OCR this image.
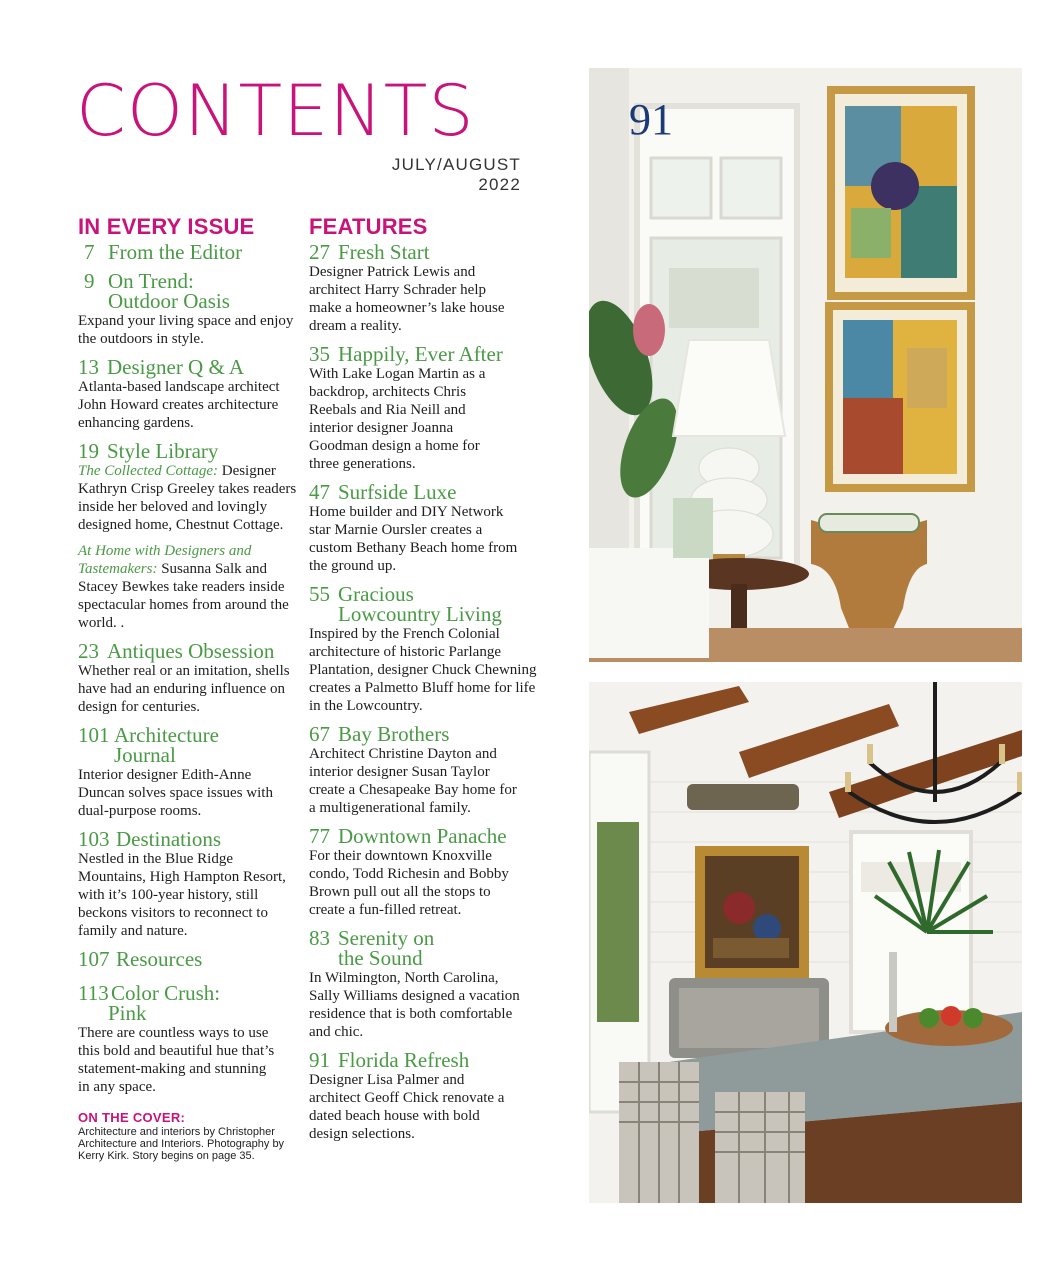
CONTENTS
JULY/AUGUST 2022
IN EVERY ISSUE

7 From the Editor

9 On Trend:
Outdoor Oasis

Expand your living space and enjoy the outdoors in style.

13 Designer Q & A

Atlanta-based landscape architect John Howard creates architecture enhancing gardens.

19 Style Library

The Collected Cottage: Designer Kathryn Crisp Greeley takes readers inside her beloved and lovingly designed home, Chestnut Cottage.

At Home with Designers and Tastemakers: Susanna Salk and Stacey Bewkes take readers inside spectacular homes from around the world. .

23 Antiques Obsession

Whether real or an imitation, shells have had an enduring influence on design for centuries.

101 Architecture
Journal

Interior designer Edith-Anne Duncan solves space issues with dual-purpose rooms.

103 Destinations

Nestled in the Blue Ridge Mountains, High Hampton Resort, with it’s 100-year history, still beckons visitors to reconnect to family and nature.

107 Resources

113 Color Crush:
Pink

There are countless ways to use this bold and beautiful hue that’s statement-making and stunning in any space.

ON THE COVER:

Architecture and interiors by Christopher Architecture and Interiors. Photography by Kerry Kirk. Story begins on page 35.

FEATURES

27 Fresh Start

Designer Patrick Lewis and architect Harry Schrader help make a homeowner’s lake house dream a reality.

35 Happily, Ever After

With Lake Logan Martin as a backdrop, architects Chris Reebals and Ria Neill and interior designer Joanna Goodman design a home for three generations.

47 Surfside Luxe

Home builder and DIY Network star Marnie Oursler creates a custom Bethany Beach home from the ground up.

55 Gracious
Lowcountry Living

Inspired by the French Colonial architecture of historic Parlange Plantation, designer Chuck Chewning creates a Palmetto Bluff home for life in the Lowcountry.

67 Bay Brothers

Architect Christine Dayton and interior designer Susan Taylor create a Chesapeake Bay home for a multigenerational family.

77 Downtown Panache

For their downtown Knoxville condo, Todd Richesin and Bobby Brown pull out all the stops to create a fun-filled retreat.

83 Serenity on
the Sound

In Wilmington, North Carolina, Sally Williams designed a vacation residence that is both comfortable and chic.

91 Florida Refresh

Designer Lisa Palmer and architect Geoff Chick renovate a dated beach house with bold design selections.

91
